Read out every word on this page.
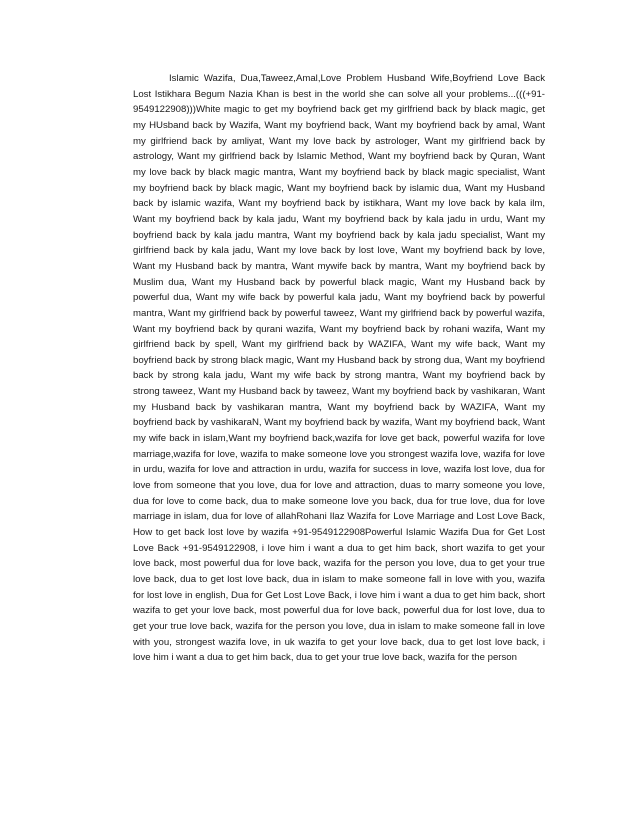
Islamic Wazifa, Dua,Taweez,Amal,Love Problem Husband Wife,Boyfriend Love Back Lost Istikhara Begum Nazia Khan is best in the world she can solve all your problems...(((+91-9549122908)))White magic to get my boyfriend back get my girlfriend back by black magic, get my HUsband back by Wazifa, Want my boyfriend back, Want my boyfriend back by amal, Want my girlfriend back by amliyat, Want my love back by astrologer, Want my girlfriend back by astrology, Want my girlfriend back by Islamic Method, Want my boyfriend back by Quran, Want my love back by black magic mantra, Want my boyfriend back by black magic specialist, Want my boyfriend back by black magic, Want my boyfriend back by islamic dua, Want my Husband back by islamic wazifa, Want my boyfriend back by istikhara, Want my love back by kala ilm, Want my boyfriend back by kala jadu, Want my boyfriend back by kala jadu in urdu, Want my boyfriend back by kala jadu mantra, Want my boyfriend back by kala jadu specialist, Want my girlfriend back by kala jadu, Want my love back by lost love, Want my boyfriend back by love, Want my Husband back by mantra, Want mywife back by mantra, Want my boyfriend back by Muslim dua, Want my Husband back by powerful black magic, Want my Husband back by powerful dua, Want my wife back by powerful kala jadu, Want my boyfriend back by powerful mantra, Want my girlfriend back by powerful taweez, Want my girlfriend back by powerful wazifa, Want my boyfriend back by qurani wazifa, Want my boyfriend back by rohani wazifa, Want my girlfriend back by spell, Want my girlfriend back by WAZIFA, Want my wife back, Want my boyfriend back by strong black magic, Want my Husband back by strong dua, Want my boyfriend back by strong kala jadu, Want my wife back by strong mantra, Want my boyfriend back by strong taweez, Want my Husband back by taweez, Want my boyfriend back by vashikaran, Want my Husband back by vashikaran mantra, Want my boyfriend back by WAZIFA, Want my boyfriend back by vashikaraN, Want my boyfriend back by wazifa, Want my boyfriend back, Want my wife back in islam,Want my boyfriend back,wazifa for love get back, powerful wazifa for love marriage,wazifa for love, wazifa to make someone love you strongest wazifa love, wazifa for love in urdu, wazifa for love and attraction in urdu, wazifa for success in love, wazifa lost love, dua for love from someone that you love, dua for love and attraction, duas to marry someone you love, dua for love to come back, dua to make someone love you back, dua for true love, dua for love marriage in islam, dua for love of allahRohani Ilaz Wazifa for Love Marriage and Lost Love Back, How to get back lost love by wazifa +91-9549122908Powerful Islamic Wazifa Dua for Get Lost Love Back +91-9549122908, i love him i want a dua to get him back, short wazifa to get your love back, most powerful dua for love back, wazifa for the person you love, dua to get your true love back, dua to get lost love back, dua in islam to make someone fall in love with you, wazifa for lost love in english, Dua for Get Lost Love Back, i love him i want a dua to get him back, short wazifa to get your love back, most powerful dua for love back, powerful dua for lost love, dua to get your true love back, wazifa for the person you love, dua in islam to make someone fall in love with you, strongest wazifa love, in uk wazifa to get your love back, dua to get lost love back, i love him i want a dua to get him back, dua to get your true love back, wazifa for the person
